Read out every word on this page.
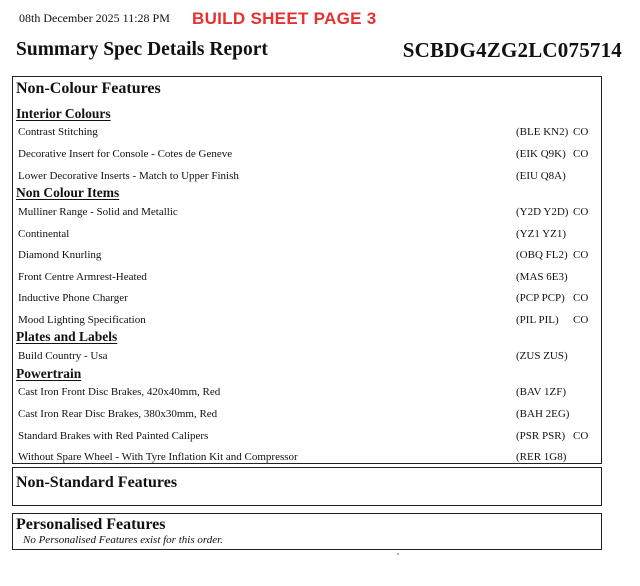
08th December 2025 11:28 PM BUILD SHEET PAGE 3
Summary Spec Details Report	SCBDG4ZG2LC075714
Non-Colour Features
Interior Colours
Contrast Stitching	(BLE KN2) CO
Decorative Insert for Console - Cotes de Geneve	(EIK Q9K) CO
Lower Decorative Inserts - Match to Upper Finish	(EIU Q8A)
Non Colour Items
Mulliner Range - Solid and Metallic	(Y2D Y2D) CO
Continental	(YZ1 YZ1)
Diamond Knurling	(OBQ FL2) CO
Front Centre Armrest-Heated	(MAS 6E3)
Inductive Phone Charger	(PCP PCP) CO
Mood Lighting Specification	(PIL PIL) CO
Plates and Labels
Build Country - Usa	(ZUS ZUS)
Powertrain
Cast Iron Front Disc Brakes, 420x40mm, Red	(BAV 1ZF)
Cast Iron Rear Disc Brakes, 380x30mm, Red	(BAH 2EG)
Standard Brakes with Red Painted Calipers	(PSR PSR) CO
Without Spare Wheel - With Tyre Inflation Kit and Compressor	(RER 1G8)
Non-Standard Features
Personalised Features
No Personalised Features exist for this order.
